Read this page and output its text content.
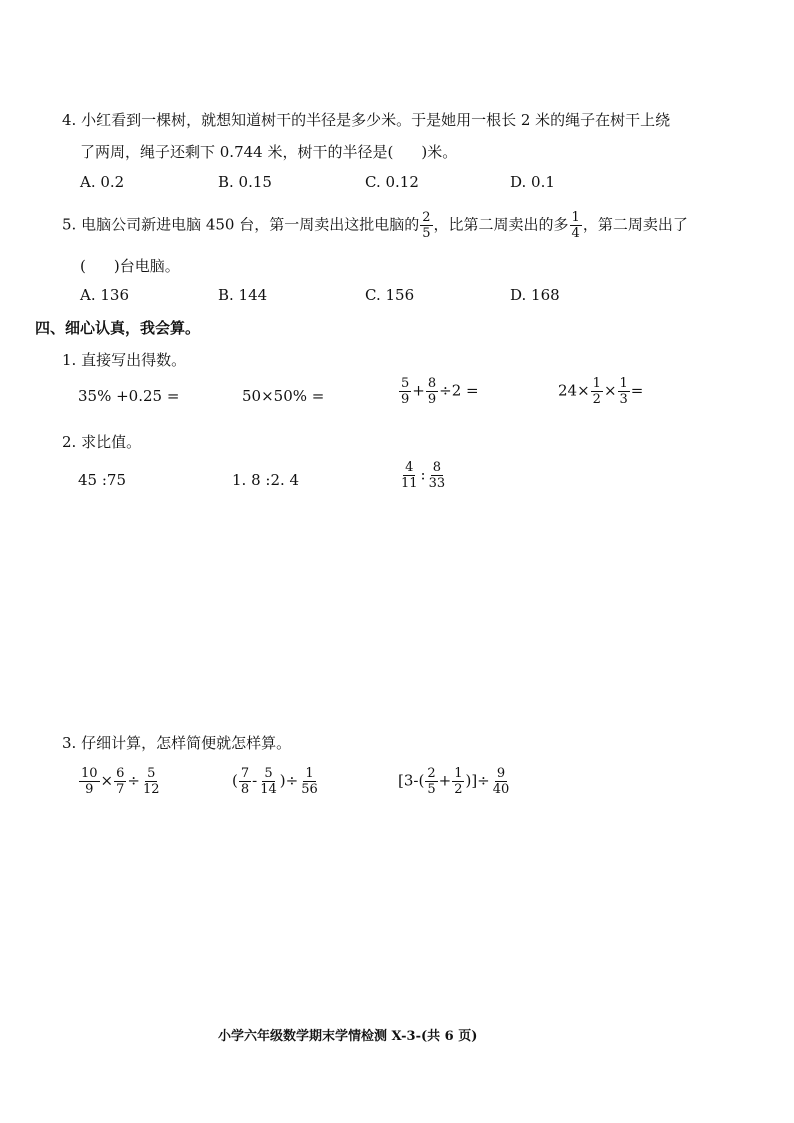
4. 小红看到一棵树，就想知道树干的半径是多少米。于是她用一根长 2 米的绳子在树干上绕
了两周，绳子还剩下 0.744 米，树干的半径是( )米。
A. 0.2	B. 0.15	C. 0.12	D. 0.1
5. 电脑公司新进电脑 450 台，第一周卖出这批电脑的 $\frac{2}{5}$ ，比第二周卖出的多 $\frac{1}{4}$ ，第二周卖出了
( )台电脑。
A. 136	B. 144	C. 156	D. 168
四、细心认真，我会算。
1. 直接写出得数。
35% +0.25 =	50×50% =	$\frac{5}{9} + \frac{8}{9} \div 2$ =	$24\times \frac{1}{2} \times \frac{1}{3}$ =
2. 求比值。
45 :75	1. 8 :2. 4	$\frac{4}{11}$ : $\frac{8}{33}$
3. 仔细计算，怎样简便就怎样算。
$\frac{10}{9} \times \frac{6}{7} \div \frac{5}{12}$	( $\frac{7}{8} - \frac{5}{14}$ )÷ $\frac{1}{56}$	[$3-( \frac{2}{5} + \frac{1}{2}$ )]÷ $\frac{9}{40}$
小学六年级数学期末学情检测 X-3-(共 6 页)
